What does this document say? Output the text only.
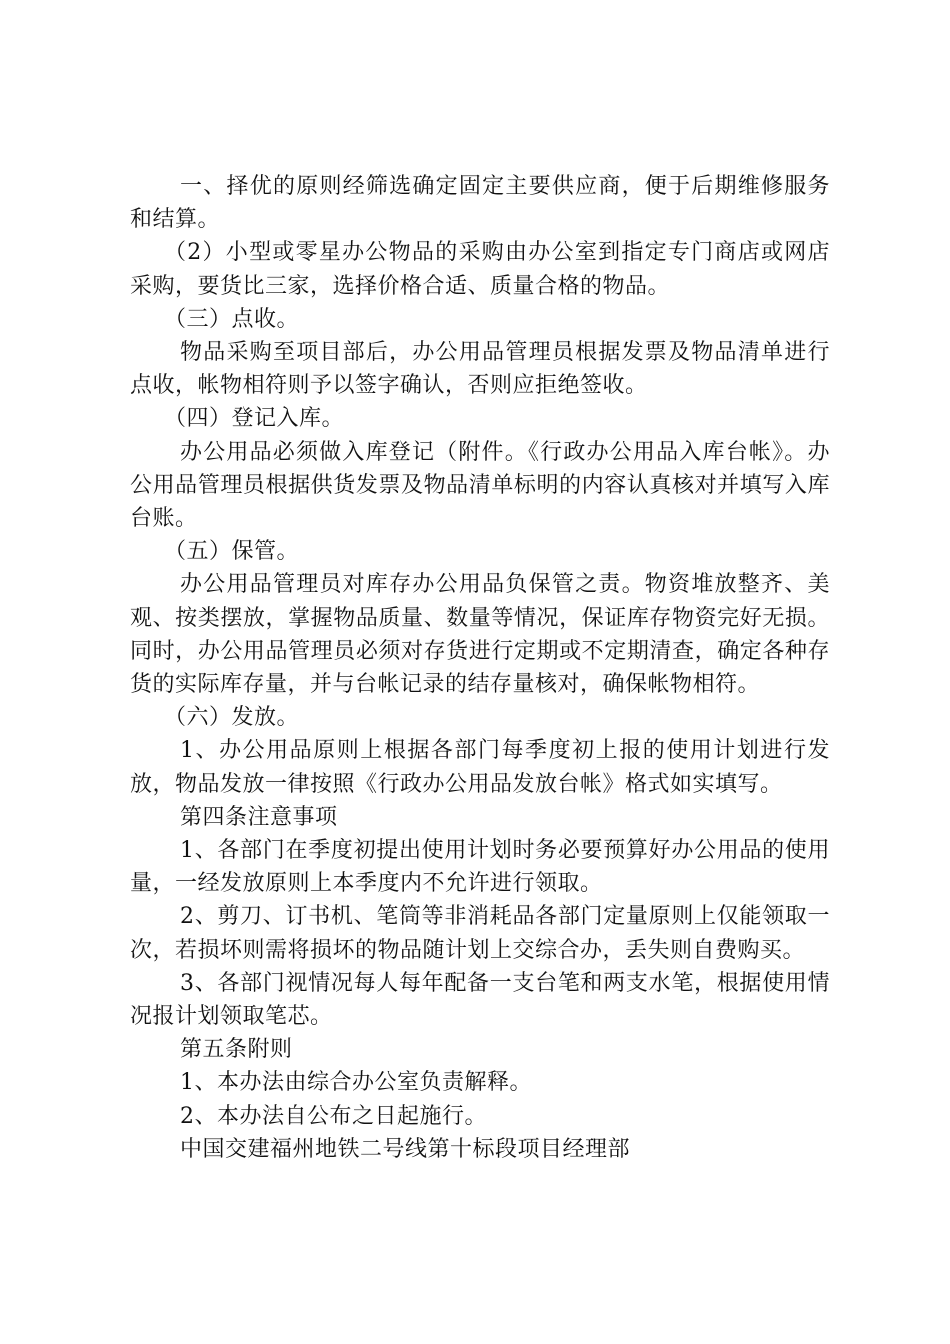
一、择优的原则经筛选确定固定主要供应商，便于后期维修服务和结算。

（2）小型或零星办公物品的采购由办公室到指定专门商店或网店采购，要货比三家，选择价格合适、质量合格的物品。

（三）点收。

物品采购至项目部后，办公用品管理员根据发票及物品清单进行点收，帐物相符则予以签字确认，否则应拒绝签收。

（四）登记入库。

办公用品必须做入库登记（附件。《行政办公用品入库台帐》。办公用品管理员根据供货发票及物品清单标明的内容认真核对并填写入库台账。

（五）保管。

办公用品管理员对库存办公用品负保管之责。物资堆放整齐、美观、按类摆放，掌握物品质量、数量等情况，保证库存物资完好无损。同时，办公用品管理员必须对存货进行定期或不定期清查，确定各种存货的实际库存量，并与台帐记录的结存量核对，确保帐物相符。

（六）发放。

1、办公用品原则上根据各部门每季度初上报的使用计划进行发放，物品发放一律按照《行政办公用品发放台帐》格式如实填写。

第四条注意事项

1、各部门在季度初提出使用计划时务必要预算好办公用品的使用量，一经发放原则上本季度内不允许进行领取。

2、剪刀、订书机、笔筒等非消耗品各部门定量原则上仅能领取一次，若损坏则需将损坏的物品随计划上交综合办，丢失则自费购买。

3、各部门视情况每人每年配备一支台笔和两支水笔，根据使用情况报计划领取笔芯。

第五条附则

1、本办法由综合办公室负责解释。

2、本办法自公布之日起施行。

中国交建福州地铁二号线第十标段项目经理部
